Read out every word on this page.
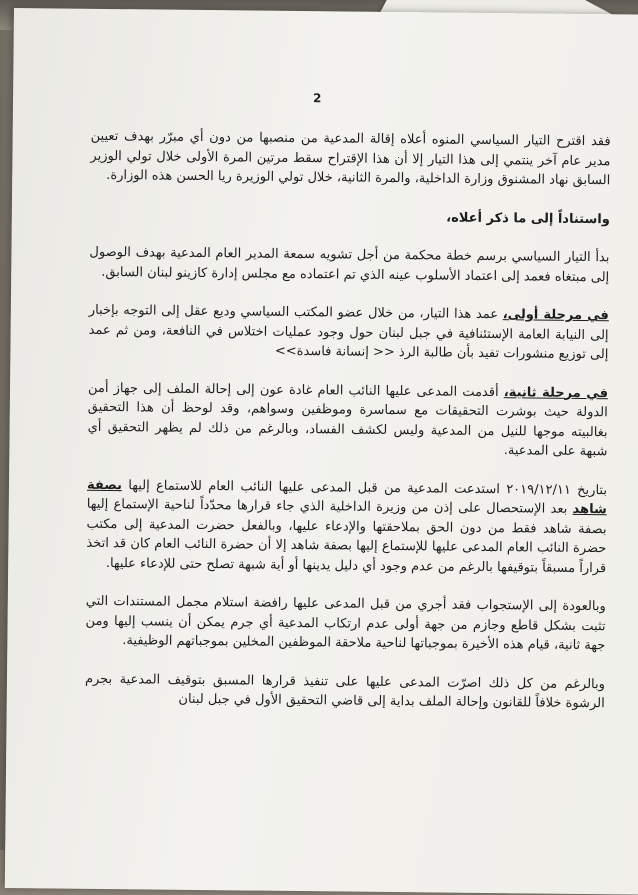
2

فقد اقترح التيار السياسي المنوه أعلاه إقالة المدعية من منصبها من دون أي مبرّر بهدف تعيين مدير عام آخر ينتمي إلى هذا التيار إلا أن هذا الإقتراح سقط مرتين المرة الأولى خلال تولي الوزير السابق نهاد المشنوق وزارة الداخلية، والمرة الثانية، خلال تولي الوزيرة ريا الحسن هذه الوزارة.

واستناداً إلى ما ذكر أعلاه،

بدأ التيار السياسي برسم خطة محكمة من أجل تشويه سمعة المدير العام المدعية بهدف الوصول إلى مبتغاه فعمد إلى اعتماد الأسلوب عينه الذي تم اعتماده مع مجلس إدارة كازينو لبنان السابق.

في مرحلة أولى، عمد هذا التيار، من خلال عضو المكتب السياسي وديع عقل إلى التوجه بإخبار إلى النيابة العامة الإستئنافية في جبل لبنان حول وجود عمليات اختلاس في النافعة، ومن ثم عمد إلى توزيع منشورات تفيد بأن طالبة الرذ << إنسانة فاسدة>>

في مرحلة ثانية، أقدمت المدعى عليها النائب العام غادة عون إلى إحالة الملف إلى جهاز أمن الدولة حيث بوشرت التحقيقات مع سماسرة وموظفين وسواهم، وقد لوحظ أن هذا التحقيق بغالبيته موجها للنيل من المدعية وليس لكشف الفساد، وبالرغم من ذلك لم يظهر التحقيق أي شبهة على المدعية.

بتاريخ ٢٠١٩/١٢/١١ استدعت المدعية من قبل المدعى عليها النائب العام للاستماع إليها بصفة شاهد بعد الإستحصال على إذن من وزيرة الداخلية الذي جاء قرارها محدّداً لناحية الإستماع إليها بصفة شاهد فقط من دون الحق بملاحقتها والإدعاء عليها، وبالفعل حضرت المدعية إلى مكتب حضرة النائب العام المدعى عليها للإستماع إليها بصفة شاهد إلا أن حضرة النائب العام كان قد اتخذ قراراً مسبقاً بتوقيفها بالرغم من عدم وجود أي دليل يدينها أو أية شبهة تصلح حتى للإدعاء عليها.

وبالعودة إلى الإستجواب فقد أجري من قبل المدعى عليها رافضة استلام مجمل المستندات التي تثبت بشكل قاطع وجازم من جهة أولى عدم ارتكاب المدعية أي جرم يمكن أن ينسب إليها ومن جهة ثانية، قيام هذه الأخيرة بموجباتها لناحية ملاحقة الموظفين المخلين بموجباتهم الوظيفية.

وبالرغم من كل ذلك اصرّت المدعى عليها على تنفيذ قرارها المسبق بتوقيف المدعية بجرم الرشوة خلافاً للقانون وإحالة الملف بداية إلى قاضي التحقيق الأول في جبل لبنان
